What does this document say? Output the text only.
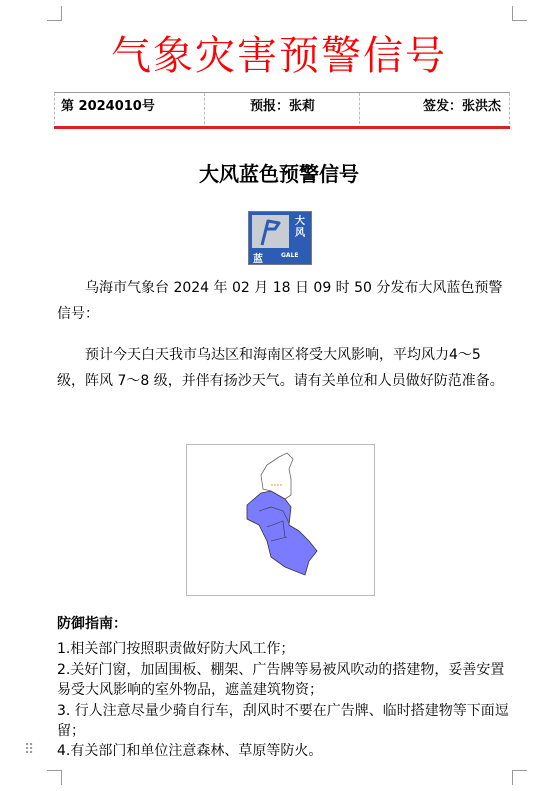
气象灾害预警信号
第 2024010号	预报：张莉	签发：张洪杰
大风蓝色预警信号
大风
蓝	GALE
乌海市气象台 2024 年 02 月 18 日 09 时 50 分发布大风蓝色预警信号：
预计今天白天我市乌达区和海南区将受大风影响，平均风力4～5级，阵风 7～8 级，并伴有扬沙天气。请有关单位和人员做好防范准备。
防御指南：
1.相关部门按照职责做好防大风工作；
2.关好门窗，加固围板、棚架、广告牌等易被风吹动的搭建物，妥善安置易受大风影响的室外物品，遮盖建筑物资；
3. 行人注意尽量少骑自行车，刮风时不要在广告牌、临时搭建物等下面逗留；
4.有关部门和单位注意森林、草原等防火。
⠿
